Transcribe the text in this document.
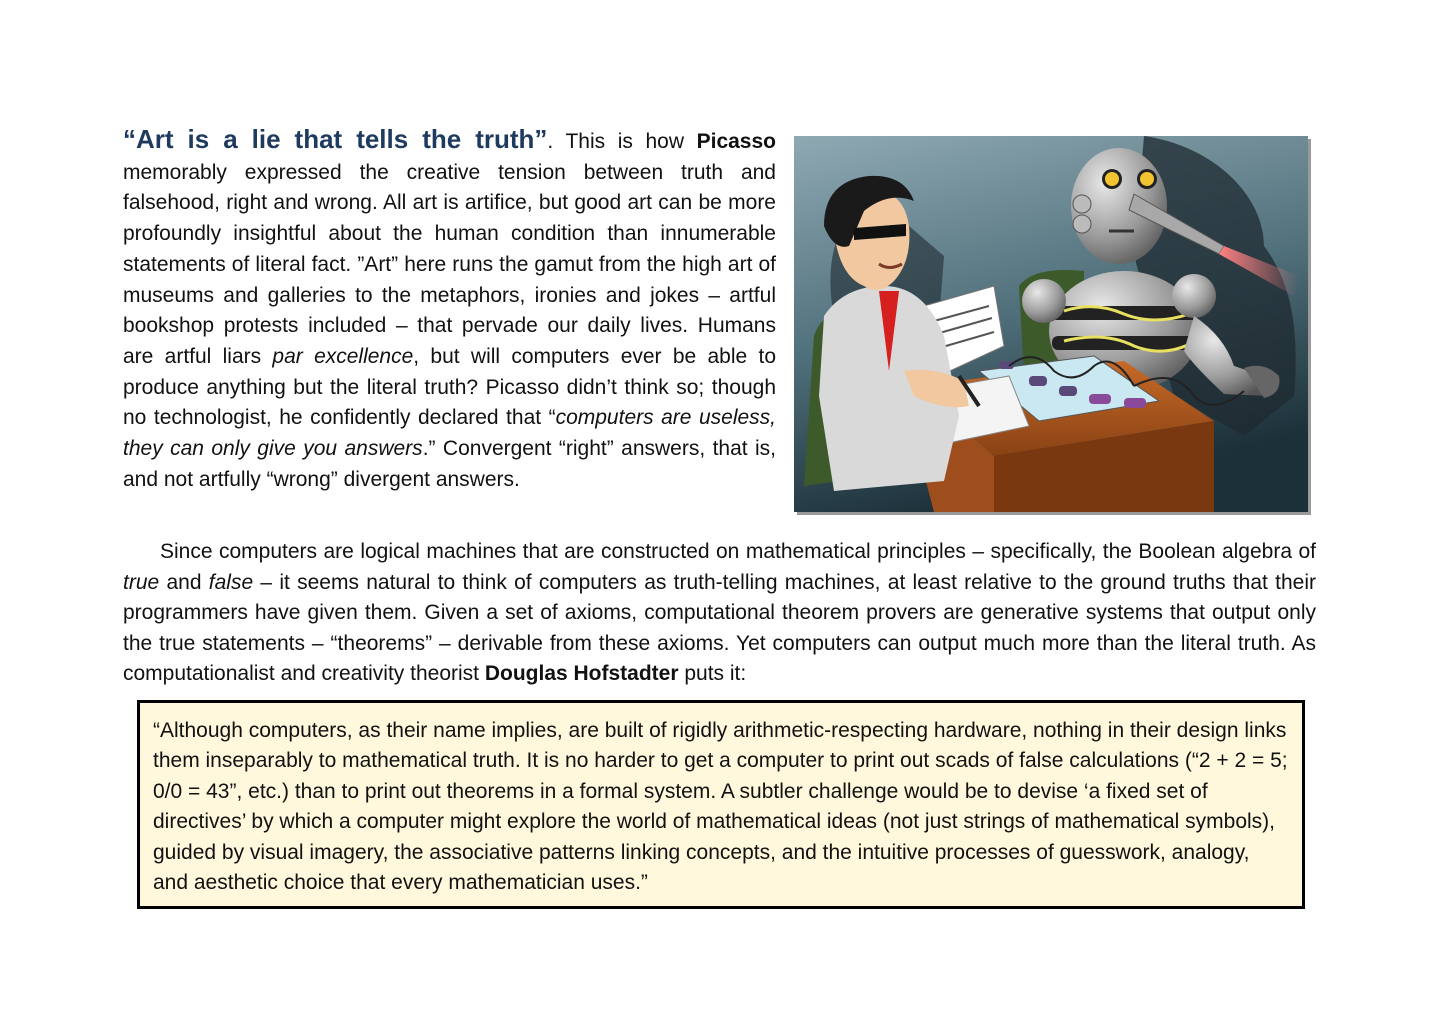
“Art is a lie that tells the truth”. This is how Picasso memorably expressed the creative tension between truth and falsehood, right and wrong. All art is artifice, but good art can be more profoundly insightful about the human condition than innumerable statements of literal fact. ”Art” here runs the gamut from the high art of museums and galleries to the metaphors, ironies and jokes – artful bookshop protests included – that pervade our daily lives. Humans are artful liars par excellence, but will computers ever be able to produce anything but the literal truth? Picasso didn’t think so; though no technologist, he confidently declared that “computers are useless, they can only give you answers.” Convergent “right” answers, that is, and not artfully “wrong” divergent answers.

Since computers are logical machines that are constructed on mathematical principles – specifically, the Boolean algebra of true and false – it seems natural to think of computers as truth-telling machines, at least relative to the ground truths that their programmers have given them. Given a set of axioms, computational theorem provers are generative systems that output only the true statements – “theorems” – derivable from these axioms. Yet computers can output much more than the literal truth. As computationalist and creativity theorist Douglas Hofstadter puts it:

“Although computers, as their name implies, are built of rigidly arithmetic-respecting hardware, nothing in their design links them inseparably to mathematical truth. It is no harder to get a computer to print out scads of false calculations (“2 + 2 = 5; 0/0 = 43”, etc.) than to print out theorems in a formal system. A subtler challenge would be to devise ‘a fixed set of directives’ by which a computer might explore the world of mathematical ideas (not just strings of mathematical symbols), guided by visual imagery, the associative patterns linking concepts, and the intuitive processes of guesswork, analogy, and aesthetic choice that every mathematician uses.”
